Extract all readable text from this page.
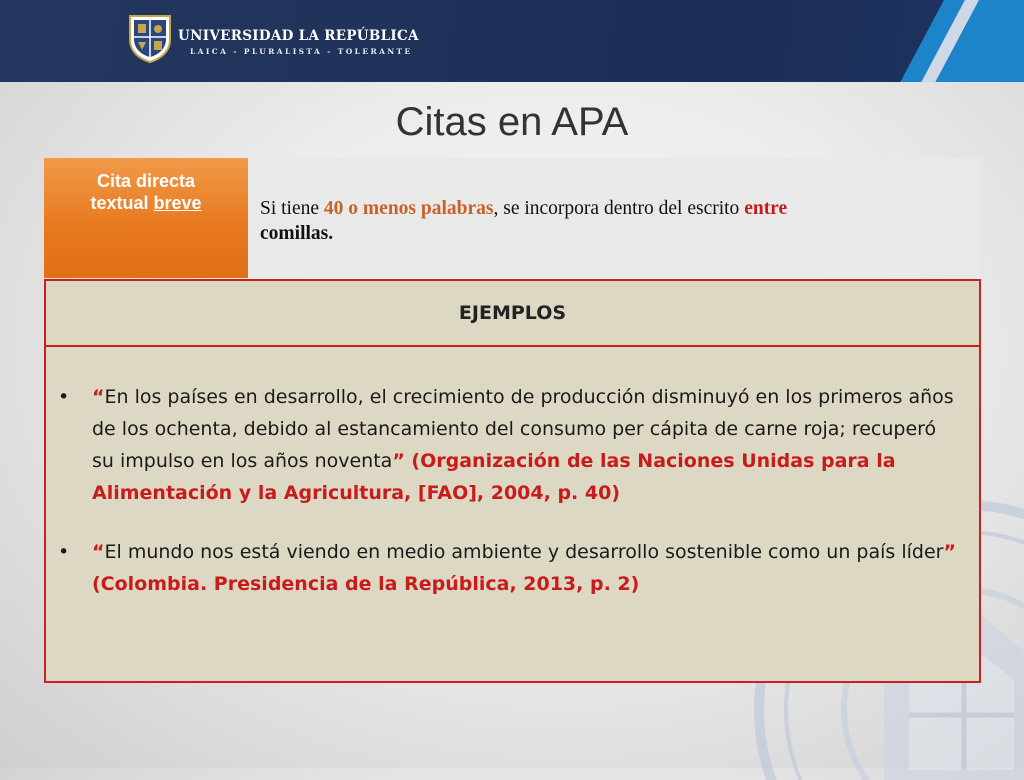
UNIVERSIDAD LA REPÚBLICA
LAICA - PLURALISTA - TOLERANTE
Citas en APA
Cita directa
textual breve	Si tiene 40 o menos palabras, se incorpora dentro del escrito entre
comillas.
EJEMPLOS
• “En los países en desarrollo, el crecimiento de producción disminuyó en los primeros años de los ochenta, debido al estancamiento del consumo per cápita de carne roja; recuperó su impulso en los años noventa” (Organización de las Naciones Unidas para la Alimentación y la Agricultura, [FAO], 2004, p. 40)
• “El mundo nos está viendo en medio ambiente y desarrollo sostenible como un país líder” (Colombia. Presidencia de la República, 2013, p. 2)
